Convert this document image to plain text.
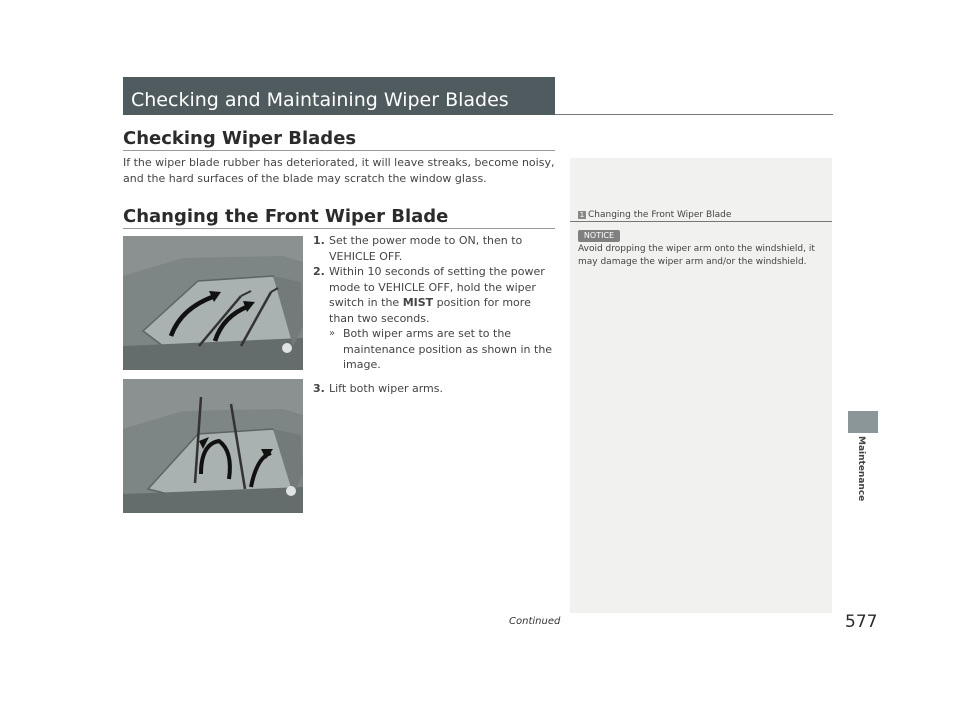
Checking and Maintaining Wiper Blades
Checking Wiper Blades
If the wiper blade rubber has deteriorated, it will leave streaks, become noisy, and the hard surfaces of the blade may scratch the window glass.
1 Changing the Front Wiper Blade
NOTICE
Avoid dropping the wiper arm onto the windshield, it may damage the wiper arm and/or the windshield.
Changing the Front Wiper Blade
1. Set the power mode to ON, then to VEHICLE OFF.
2. Within 10 seconds of setting the power mode to VEHICLE OFF, hold the wiper switch in the MIST position for more than two seconds.
» Both wiper arms are set to the maintenance position as shown in the image.
3. Lift both wiper arms.
Maintenance
Continued	577
